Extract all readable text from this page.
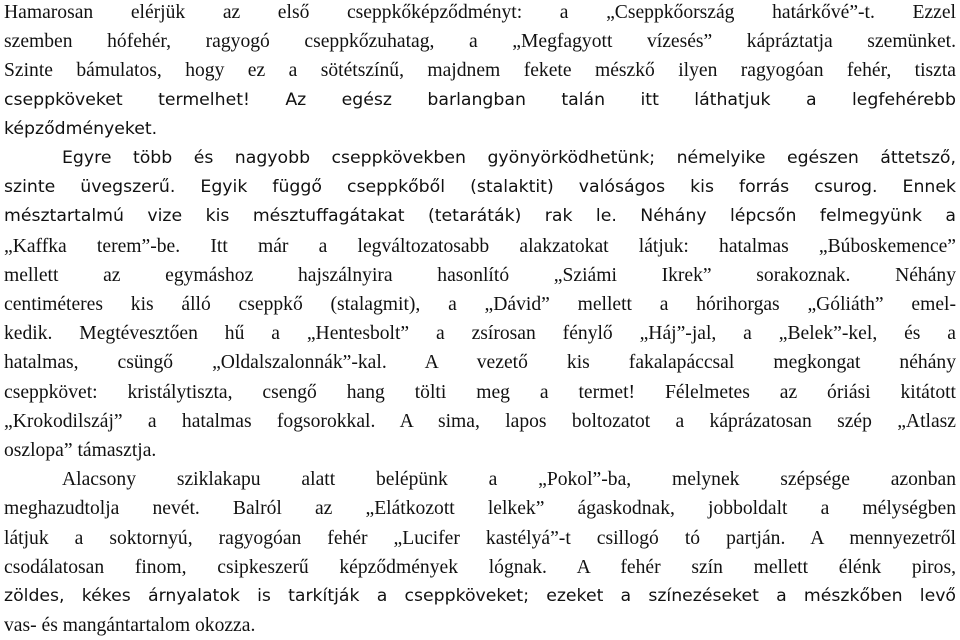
Hamarosan elérjük az első cseppkőképződményt: a „Cseppkőország határkővé”-t. Ezzel
szemben hófehér, ragyogó cseppkőzuhatag, a „Megfagyott vízesés” kápráztatja szemünket.
Szinte bámulatos, hogy ez a sötétszínű, majdnem fekete mészkő ilyen ragyogóan fehér, tiszta
cseppköveket termelhet! Az egész barlangban talán itt láthatjuk a legfehérebb
képződményeket.
Egyre több és nagyobb cseppkövekben gyönyörködhetünk; némelyike egészen áttetsző,
szinte üvegszerű. Egyik függő cseppkőből (stalaktit) valóságos kis forrás csurog. Ennek
mésztartalmú vize kis mésztuffagátakat (tetaráták) rak le. Néhány lépcsőn felmegyünk a
„Kaffka terem”-be. Itt már a legváltozatosabb alakzatokat látjuk: hatalmas „Búboskemence”
mellett az egymáshoz hajszálnyira hasonlító „Sziámi Ikrek” sorakoznak. Néhány
centiméteres kis álló cseppkő (stalagmit), a „Dávid” mellett a hórihorgas „Góliáth” emel-
kedik. Megtévesztően hű a „Hentesbolt” a zsírosan fénylő „Háj”-jal, a „Belek”-kel, és a
hatalmas, csüngő „Oldalszalonnák”-kal. A vezető kis fakalapáccsal megkongat néhány
cseppkövet: kristálytiszta, csengő hang tölti meg a termet! Félelmetes az óriási kitátott
„Krokodilszáj” a hatalmas fogsorokkal. A sima, lapos boltozatot a káprázatosan szép „Atlasz
oszlopa” támasztja.
Alacsony sziklakapu alatt belépünk a „Pokol”-ba, melynek szépsége azonban
meghazudtolja nevét. Balról az „Elátkozott lelkek” ágaskodnak, jobboldalt a mélységben
látjuk a soktornyú, ragyogóan fehér „Lucifer kastélyá”-t csillogó tó partján. A mennyezetről
csodálatosan finom, csipkeszerű képződmények lógnak. A fehér szín mellett élénk piros,
zöldes, kékes árnyalatok is tarkítják a cseppköveket; ezeket a színezéseket a mészkőben levő
vas- és mangántartalom okozza.
